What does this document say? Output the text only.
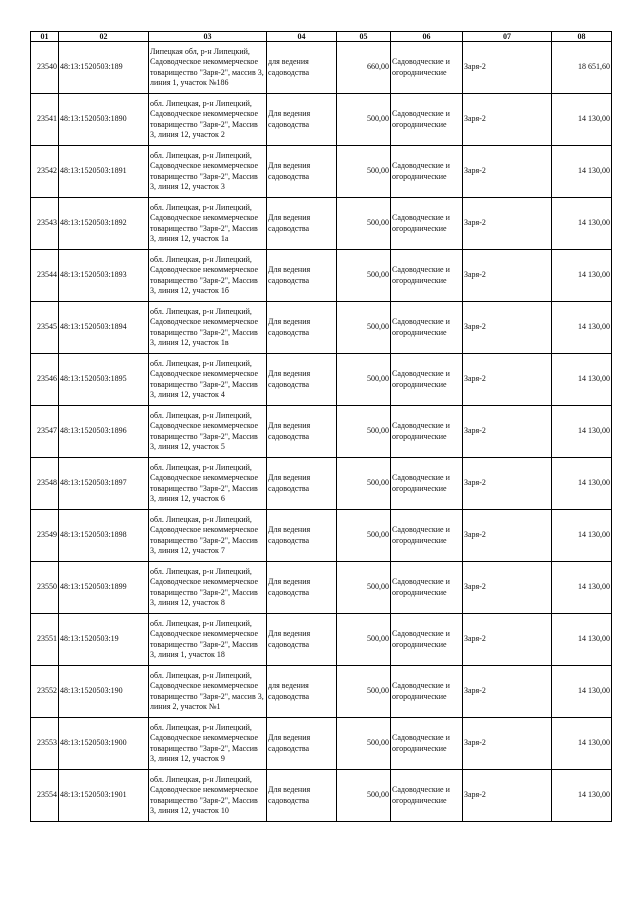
01	02	03	04	05	06	07	08
23540	48:13:1520503:189	Липецкая обл, р-н Липецкий, Садоводческое некоммерческое товарищество "Заря-2", массив 3, линия 1, участок №186	для ведения садоводства	660,00	Садоводческие и огороднические	Заря-2	18 651,60
23541	48:13:1520503:1890	обл. Липецкая, р-н Липецкий, Садоводческое некоммерческое товарищество "Заря-2", Массив 3, линия 12, участок 2	Для ведения садоводства	500,00	Садоводческие и огороднические	Заря-2	14 130,00
23542	48:13:1520503:1891	обл. Липецкая, р-н Липецкий, Садоводческое некоммерческое товарищество "Заря-2", Массив 3, линия 12, участок 3	Для ведения садоводства	500,00	Садоводческие и огороднические	Заря-2	14 130,00
23543	48:13:1520503:1892	обл. Липецкая, р-н Липецкий, Садоводческое некоммерческое товарищество "Заря-2", Массив 3, линия 12, участок 1а	Для ведения садоводства	500,00	Садоводческие и огороднические	Заря-2	14 130,00
23544	48:13:1520503:1893	обл. Липецкая, р-н Липецкий, Садоводческое некоммерческое товарищество "Заря-2", Массив 3, линия 12, участок 1б	Для ведения садоводства	500,00	Садоводческие и огороднические	Заря-2	14 130,00
23545	48:13:1520503:1894	обл. Липецкая, р-н Липецкий, Садоводческое некоммерческое товарищество "Заря-2", Массив 3, линия 12, участок 1в	Для ведения садоводства	500,00	Садоводческие и огороднические	Заря-2	14 130,00
23546	48:13:1520503:1895	обл. Липецкая, р-н Липецкий, Садоводческое некоммерческое товарищество "Заря-2", Массив 3, линия 12, участок 4	Для ведения садоводства	500,00	Садоводческие и огороднические	Заря-2	14 130,00
23547	48:13:1520503:1896	обл. Липецкая, р-н Липецкий, Садоводческое некоммерческое товарищество "Заря-2", Массив 3, линия 12, участок 5	Для ведения садоводства	500,00	Садоводческие и огороднические	Заря-2	14 130,00
23548	48:13:1520503:1897	обл. Липецкая, р-н Липецкий, Садоводческое некоммерческое товарищество "Заря-2", Массив 3, линия 12, участок 6	Для ведения садоводства	500,00	Садоводческие и огороднические	Заря-2	14 130,00
23549	48:13:1520503:1898	обл. Липецкая, р-н Липецкий, Садоводческое некоммерческое товарищество "Заря-2", Массив 3, линия 12, участок 7	Для ведения садоводства	500,00	Садоводческие и огороднические	Заря-2	14 130,00
23550	48:13:1520503:1899	обл. Липецкая, р-н Липецкий, Садоводческое некоммерческое товарищество "Заря-2", Массив 3, линия 12, участок 8	Для ведения садоводства	500,00	Садоводческие и огороднические	Заря-2	14 130,00
23551	48:13:1520503:19	обл. Липецкая, р-н Липецкий, Садоводческое некоммерческое товарищество "Заря-2", Массив 3, линия 1, участок 18	Для ведения садоводства	500,00	Садоводческие и огороднические	Заря-2	14 130,00
23552	48:13:1520503:190	обл. Липецкая, р-н Липецкий, Садоводческое некоммерческое товарищество "Заря-2", массив 3, линия 2, участок №1	для ведения садоводства	500,00	Садоводческие и огороднические	Заря-2	14 130,00
23553	48:13:1520503:1900	обл. Липецкая, р-н Липецкий, Садоводческое некоммерческое товарищество "Заря-2", Массив 3, линия 12, участок 9	Для ведения садоводства	500,00	Садоводческие и огороднические	Заря-2	14 130,00
23554	48:13:1520503:1901	обл. Липецкая, р-н Липецкий, Садоводческое некоммерческое товарищество "Заря-2", Массив 3, линия 12, участок 10	Для ведения садоводства	500,00	Садоводческие и огороднические	Заря-2	14 130,00
